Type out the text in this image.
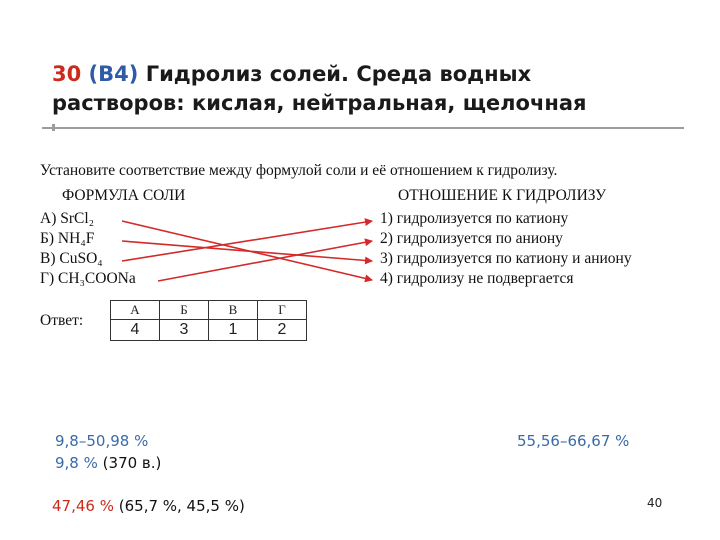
30 (В4) Гидролиз солей. Среда водных
растворов: кислая, нейтральная, щелочная
Установите соответствие между формулой соли и её отношением к гидролизу.
ФОРМУЛА СОЛИ	ОТНОШЕНИЕ К ГИДРОЛИЗУ
А) SrCl₂
Б) NH₄F
В) CuSO₄
Г) CH₃COONa
1) гидролизуется по катиону
2) гидролизуется по аниону
3) гидролизуется по катиону и аниону
4) гидролизу не подвергается
Ответ:
А	Б	В	Г
4	3	1	2
9,8–50,98 %
9,8 % (370 в.)
55,56–66,67 %
47,46 % (65,7 %, 45,5 %)	40
